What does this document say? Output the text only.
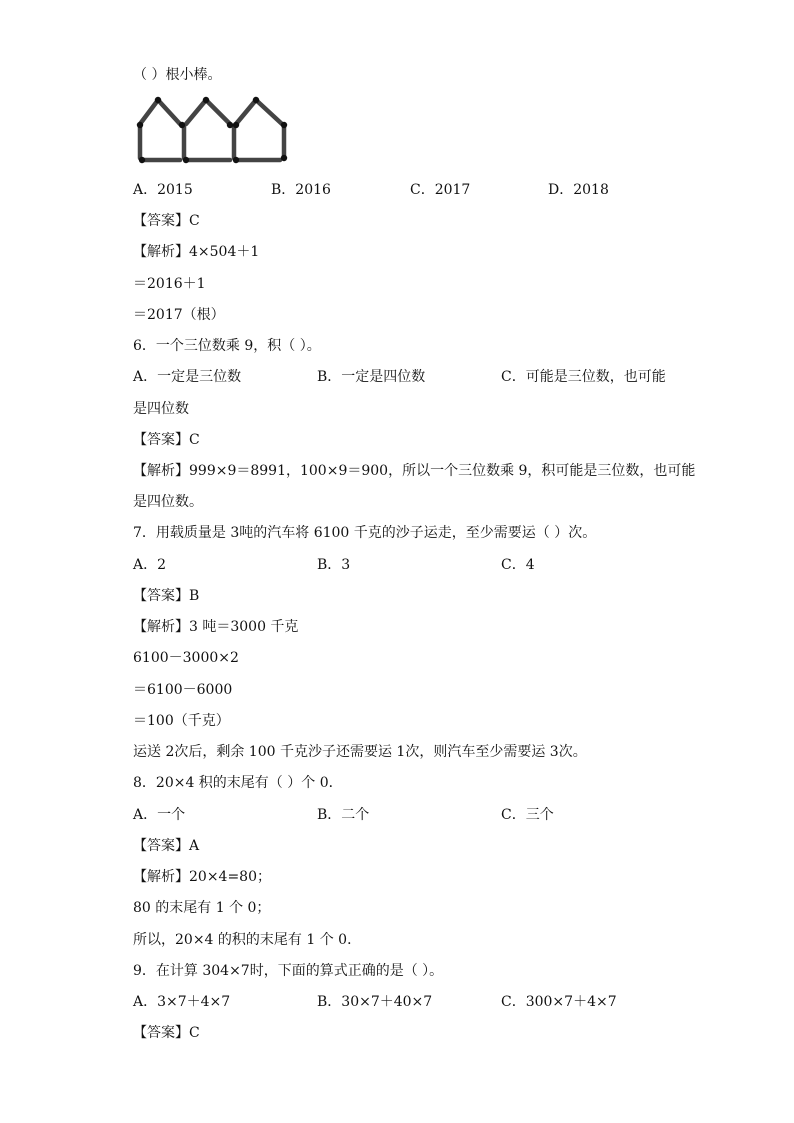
（ ）根小棒。
A．2015	B．2016	C．2017	D．2018
【答案】C
【解析】4×504＋1
＝2016＋1
＝2017（根）
6．一个三位数乘 9，积（ ）。
A．一定是三位数	B．一定是四位数	C．可能是三位数，也可能
是四位数
【答案】C
【解析】999×9＝8991，100×9＝900，所以一个三位数乘 9，积可能是三位数，也可能
是四位数。
7．用载质量是 3吨的汽车将 6100 千克的沙子运走，至少需要运（ ）次。
A．2	B．3	C．4
【答案】B
【解析】3 吨＝3000 千克
6100－3000×2
＝6100－6000
＝100（千克）
运送 2次后，剩余 100 千克沙子还需要运 1次，则汽车至少需要运 3次。
8．20×4 积的末尾有（ ）个 0．
A．一个	B．二个	C．三个
【答案】A
【解析】20×4=80；
80 的末尾有 1 个 0；
所以，20×4 的积的末尾有 1 个 0．
9．在计算 304×7时，下面的算式正确的是（ ）。
A．3×7＋4×7	B．30×7＋40×7	C．300×7＋4×7
【答案】C
